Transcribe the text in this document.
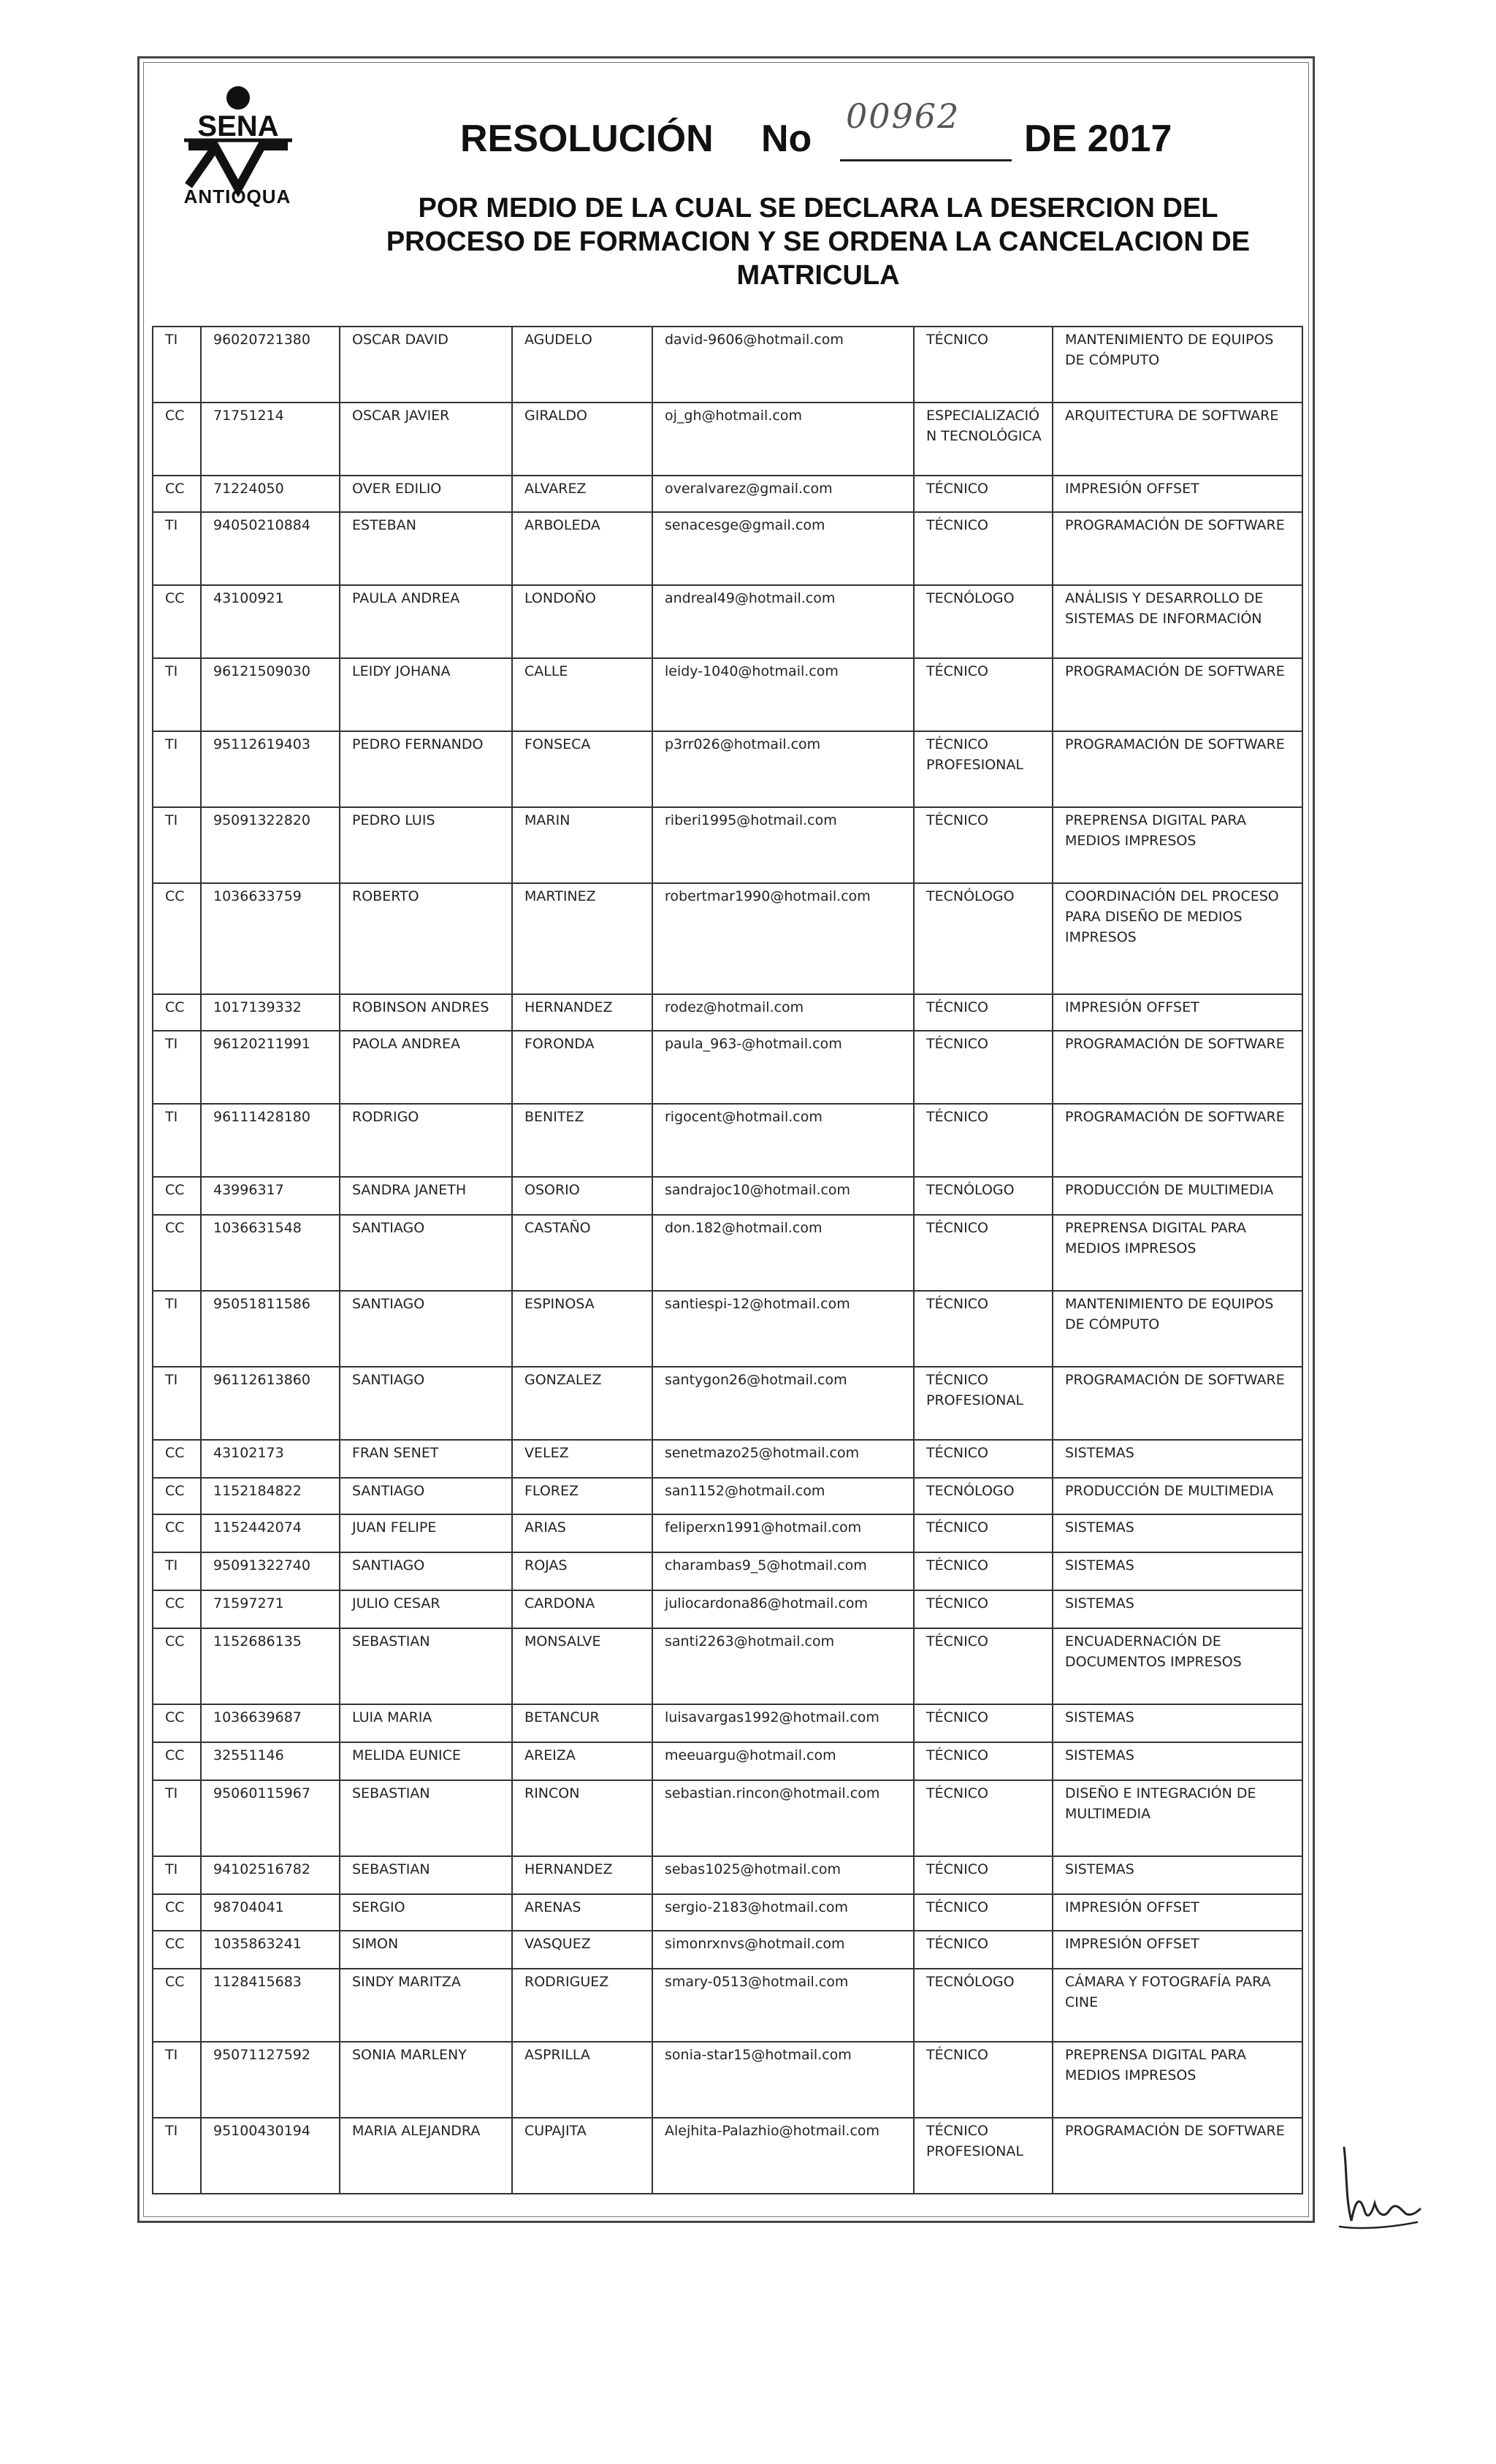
SENA
ANTIOQUA
RESOLUCIÓN No	DE 2017
00962
POR MEDIO DE LA CUAL SE DECLARA LA DESERCION DEL
PROCESO DE FORMACION Y SE ORDENA LA CANCELACION DE
MATRICULA
TI	96020721380	OSCAR DAVID	AGUDELO	david-9606@hotmail.com	TÉCNICO	MANTENIMIENTO DE EQUIPOS DE CÓMPUTO
CC	71751214	OSCAR JAVIER	GIRALDO	oj_gh@hotmail.com	ESPECIALIZACIÓN TECNOLÓGICA	ARQUITECTURA DE SOFTWARE
CC	71224050	OVER EDILIO	ALVAREZ	overalvarez@gmail.com	TÉCNICO	IMPRESIÓN OFFSET
TI	94050210884	ESTEBAN	ARBOLEDA	senacesge@gmail.com	TÉCNICO	PROGRAMACIÓN DE SOFTWARE
CC	43100921	PAULA ANDREA	LONDOÑO	andreal49@hotmail.com	TECNÓLOGO	ANÁLISIS Y DESARROLLO DE SISTEMAS DE INFORMACIÓN
TI	96121509030	LEIDY JOHANA	CALLE	leidy-1040@hotmail.com	TÉCNICO	PROGRAMACIÓN DE SOFTWARE
TI	95112619403	PEDRO FERNANDO	FONSECA	p3rr026@hotmail.com	TÉCNICO PROFESIONAL	PROGRAMACIÓN DE SOFTWARE
TI	95091322820	PEDRO LUIS	MARIN	riberi1995@hotmail.com	TÉCNICO	PREPRENSA DIGITAL PARA MEDIOS IMPRESOS
CC	1036633759	ROBERTO	MARTINEZ	robertmar1990@hotmail.com	TECNÓLOGO	COORDINACIÓN DEL PROCESO PARA DISEÑO DE MEDIOS IMPRESOS
CC	1017139332	ROBINSON ANDRES	HERNANDEZ	rodez@hotmail.com	TÉCNICO	IMPRESIÓN OFFSET
TI	96120211991	PAOLA ANDREA	FORONDA	paula_963-@hotmail.com	TÉCNICO	PROGRAMACIÓN DE SOFTWARE
TI	96111428180	RODRIGO	BENITEZ	rigocent@hotmail.com	TÉCNICO	PROGRAMACIÓN DE SOFTWARE
CC	43996317	SANDRA JANETH	OSORIO	sandrajoc10@hotmail.com	TECNÓLOGO	PRODUCCIÓN DE MULTIMEDIA
CC	1036631548	SANTIAGO	CASTAÑO	don.182@hotmail.com	TÉCNICO	PREPRENSA DIGITAL PARA MEDIOS IMPRESOS
TI	95051811586	SANTIAGO	ESPINOSA	santiespi-12@hotmail.com	TÉCNICO	MANTENIMIENTO DE EQUIPOS DE CÓMPUTO
TI	96112613860	SANTIAGO	GONZALEZ	santygon26@hotmail.com	TÉCNICO PROFESIONAL	PROGRAMACIÓN DE SOFTWARE
CC	43102173	FRAN SENET	VELEZ	senetmazo25@hotmail.com	TÉCNICO	SISTEMAS
CC	1152184822	SANTIAGO	FLOREZ	san1152@hotmail.com	TECNÓLOGO	PRODUCCIÓN DE MULTIMEDIA
CC	1152442074	JUAN FELIPE	ARIAS	feliperxn1991@hotmail.com	TÉCNICO	SISTEMAS
TI	95091322740	SANTIAGO	ROJAS	charambas9_5@hotmail.com	TÉCNICO	SISTEMAS
CC	71597271	JULIO CESAR	CARDONA	juliocardona86@hotmail.com	TÉCNICO	SISTEMAS
CC	1152686135	SEBASTIAN	MONSALVE	santi2263@hotmail.com	TÉCNICO	ENCUADERNACIÓN DE DOCUMENTOS IMPRESOS
CC	1036639687	LUIA MARIA	BETANCUR	luisavargas1992@hotmail.com	TÉCNICO	SISTEMAS
CC	32551146	MELIDA EUNICE	AREIZA	meeuargu@hotmail.com	TÉCNICO	SISTEMAS
TI	95060115967	SEBASTIAN	RINCON	sebastian.rincon@hotmail.com	TÉCNICO	DISEÑO E INTEGRACIÓN DE MULTIMEDIA
TI	94102516782	SEBASTIAN	HERNANDEZ	sebas1025@hotmail.com	TÉCNICO	SISTEMAS
CC	98704041	SERGIO	ARENAS	sergio-2183@hotmail.com	TÉCNICO	IMPRESIÓN OFFSET
CC	1035863241	SIMON	VASQUEZ	simonrxnvs@hotmail.com	TÉCNICO	IMPRESIÓN OFFSET
CC	1128415683	SINDY MARITZA	RODRIGUEZ	smary-0513@hotmail.com	TECNÓLOGO	CÁMARA Y FOTOGRAFÍA PARA CINE
TI	95071127592	SONIA MARLENY	ASPRILLA	sonia-star15@hotmail.com	TÉCNICO	PREPRENSA DIGITAL PARA MEDIOS IMPRESOS
TI	95100430194	MARIA ALEJANDRA	CUPAJITA	Alejhita-Palazhio@hotmail.com	TÉCNICO PROFESIONAL	PROGRAMACIÓN DE SOFTWARE
